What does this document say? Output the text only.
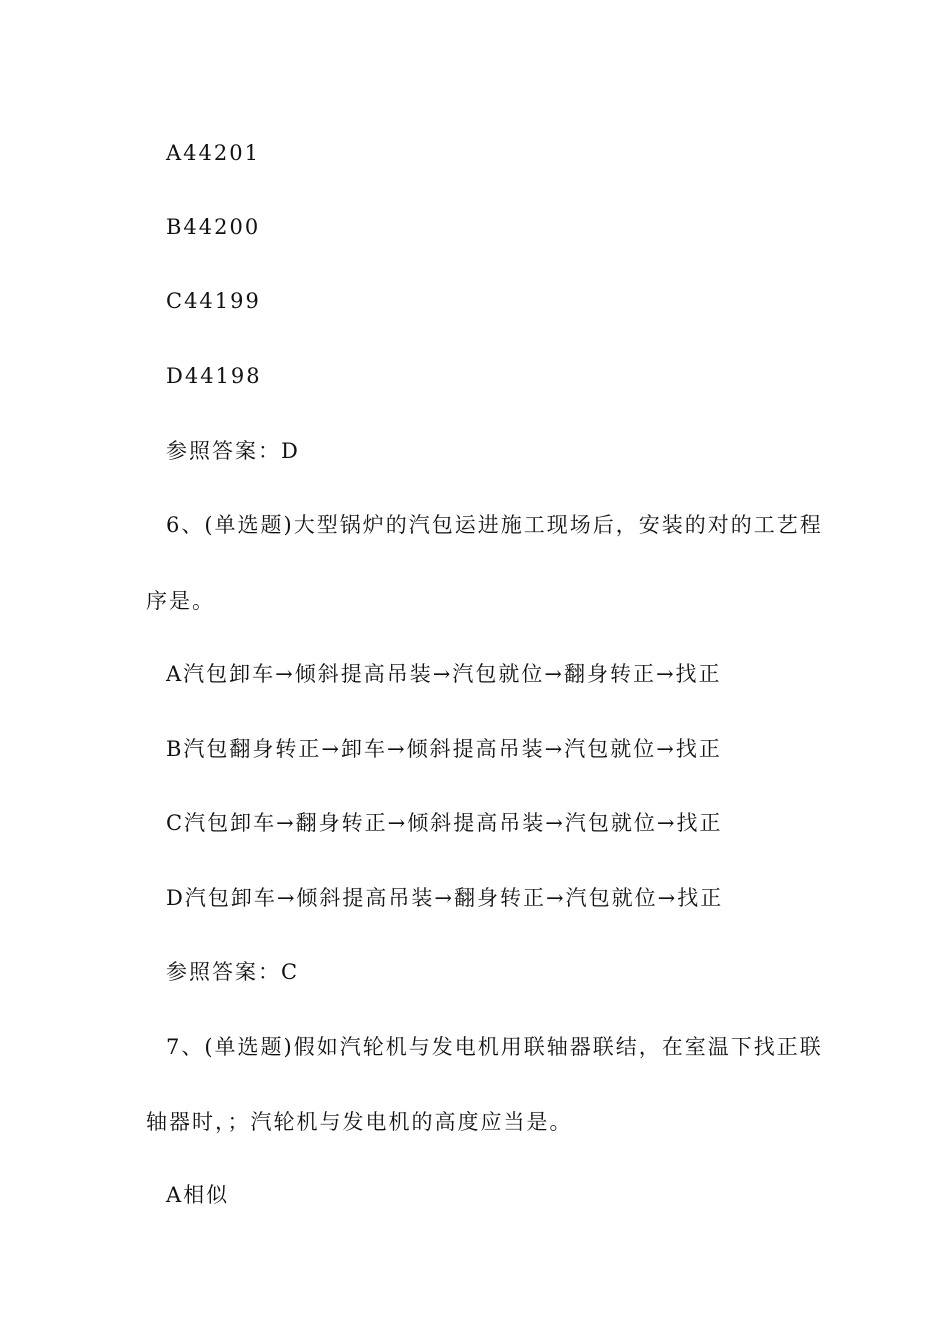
A44201
B44200
C44199
D44198
参照答案：D
6、(单选题)大型锅炉的汽包运进施工现场后，安装的对的工艺程
序是。
A汽包卸车→倾斜提高吊装→汽包就位→翻身转正→找正
B汽包翻身转正→卸车→倾斜提高吊装→汽包就位→找正
C汽包卸车→翻身转正→倾斜提高吊装→汽包就位→找正
D汽包卸车→倾斜提高吊装→翻身转正→汽包就位→找正
参照答案：C
7、(单选题)假如汽轮机与发电机用联轴器联结，在室温下找正联
轴器时，；汽轮机与发电机的高度应当是。
A相似
